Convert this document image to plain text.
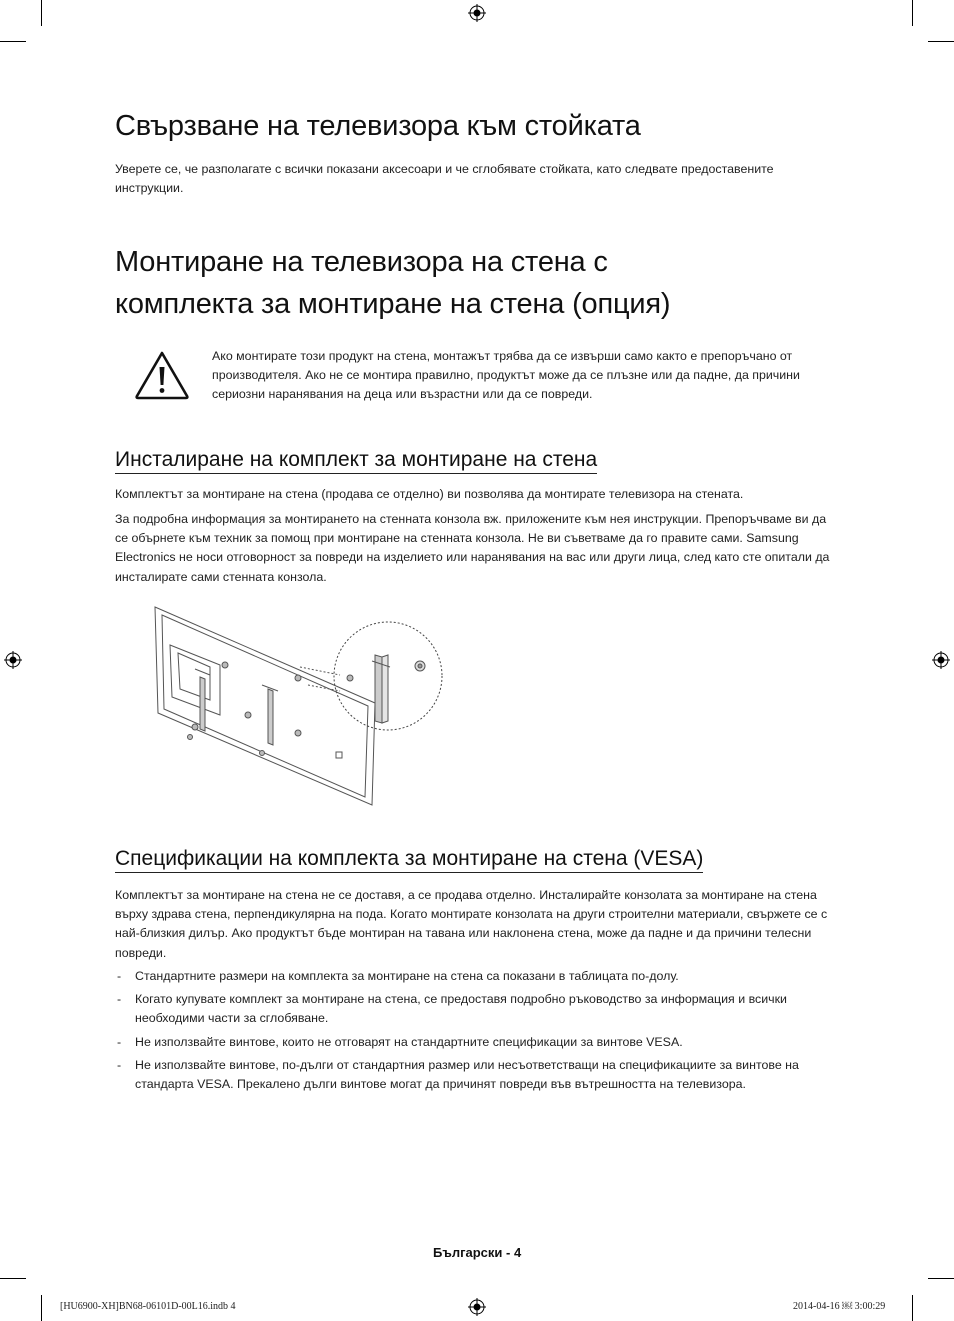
Свързване на телевизора към стойката

Уверете се, че разполагате с всички показани аксесоари и че сглобявате стойката, като следвате предоставените инструкции.

Монтиране на телевизора на стена с
комплекта за монтиране на стена (опция)

Ако монтирате този продукт на стена, монтажът трябва да се извърши само както е препоръчано от производителя. Ако не се монтира правилно, продуктът може да се плъзне или да падне, да причини сериозни наранявания на деца или възрастни или да се повреди.

Инсталиране на комплект за монтиране на стена

Комплектът за монтиране на стена (продава се отделно) ви позволява да монтирате телевизора на стената.

За подробна информация за монтирането на стенната конзола вж. приложените към нея инструкции. Препоръчваме ви да се обърнете към техник за помощ при монтиране на стенната конзола. Не ви съветваме да го правите сами. Samsung Electronics не носи отговорност за повреди на изделието или наранявания на вас или други лица, след като сте опитали да инсталирате сами стенната конзола.

Спецификации на комплекта за монтиране на стена (VESA)

Комплектът за монтиране на стена не се доставя, а се продава отделно. Инсталирайте конзолата за монтиране на стена върху здрава стена, перпендикулярна на пода. Когато монтирате конзолата на други строителни материали, свържете се с най-близкия дилър. Ако продуктът бъде монтиран на тавана или наклонена стена, може да падне и да причини телесни повреди.

- Стандартните размери на комплекта за монтиране на стена са показани в таблицата по-долу.
- Когато купувате комплект за монтиране на стена, се предоставя подробно ръководство за информация и всички необходими части за сглобяване.
- Не използвайте винтове, които не отговарят на стандартните спецификации за винтове VESA.
- Не използвайте винтове, по-дълги от стандартния размер или несъответстващи на спецификациите за винтове на стандарта VESA. Прекалено дълги винтове могат да причинят повреди във вътрешността на телевизора.
Български - 4
[HU6900-XH]BN68-06101D-00L16.indb 4	2014-04-16 ￼ 3:00:29
